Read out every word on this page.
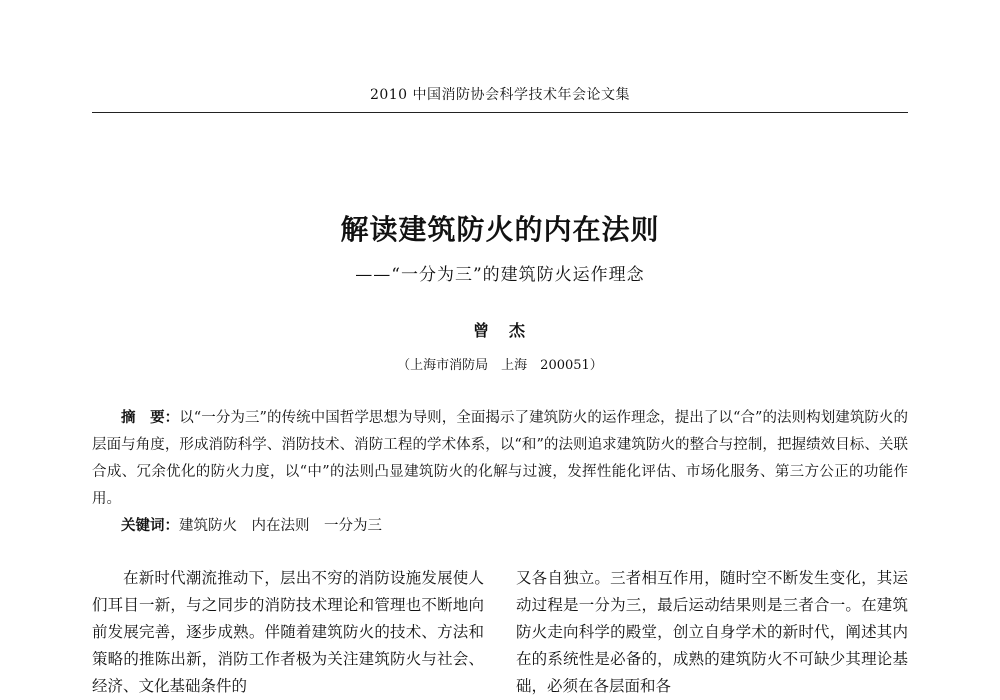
2010 中国消防协会科学技术年会论文集
解读建筑防火的内在法则
——“一分为三”的建筑防火运作理念
曾　杰
（上海市消防局　上海　200051）

摘　要：以“一分为三”的传统中国哲学思想为导则，全面揭示了建筑防火的运作理念，提出了以“合”的法则构划建筑防火的层面与角度，形成消防科学、消防技术、消防工程的学术体系，以“和”的法则追求建筑防火的整合与控制，把握绩效目标、关联合成、冗余优化的防火力度，以“中”的法则凸显建筑防火的化解与过渡，发挥性能化评估、市场化服务、第三方公正的功能作用。

关键词：建筑防火　内在法则　一分为三

在新时代潮流推动下，层出不穷的消防设施发展使人们耳目一新，与之同步的消防技术理论和管理也不断地向前发展完善，逐步成熟。伴随着建筑防火的技术、方法和策略的推陈出新，消防工作者极为关注建筑防火与社会、经济、文化基础条件的

又各自独立。三者相互作用，随时空不断发生变化，其运动过程是一分为三，最后运动结果则是三者合一。在建筑防火走向科学的殿堂，创立自身学术的新时代，阐述其内在的系统性是必备的，成熟的建筑防火不可缺少其理论基础，必须在各层面和各
